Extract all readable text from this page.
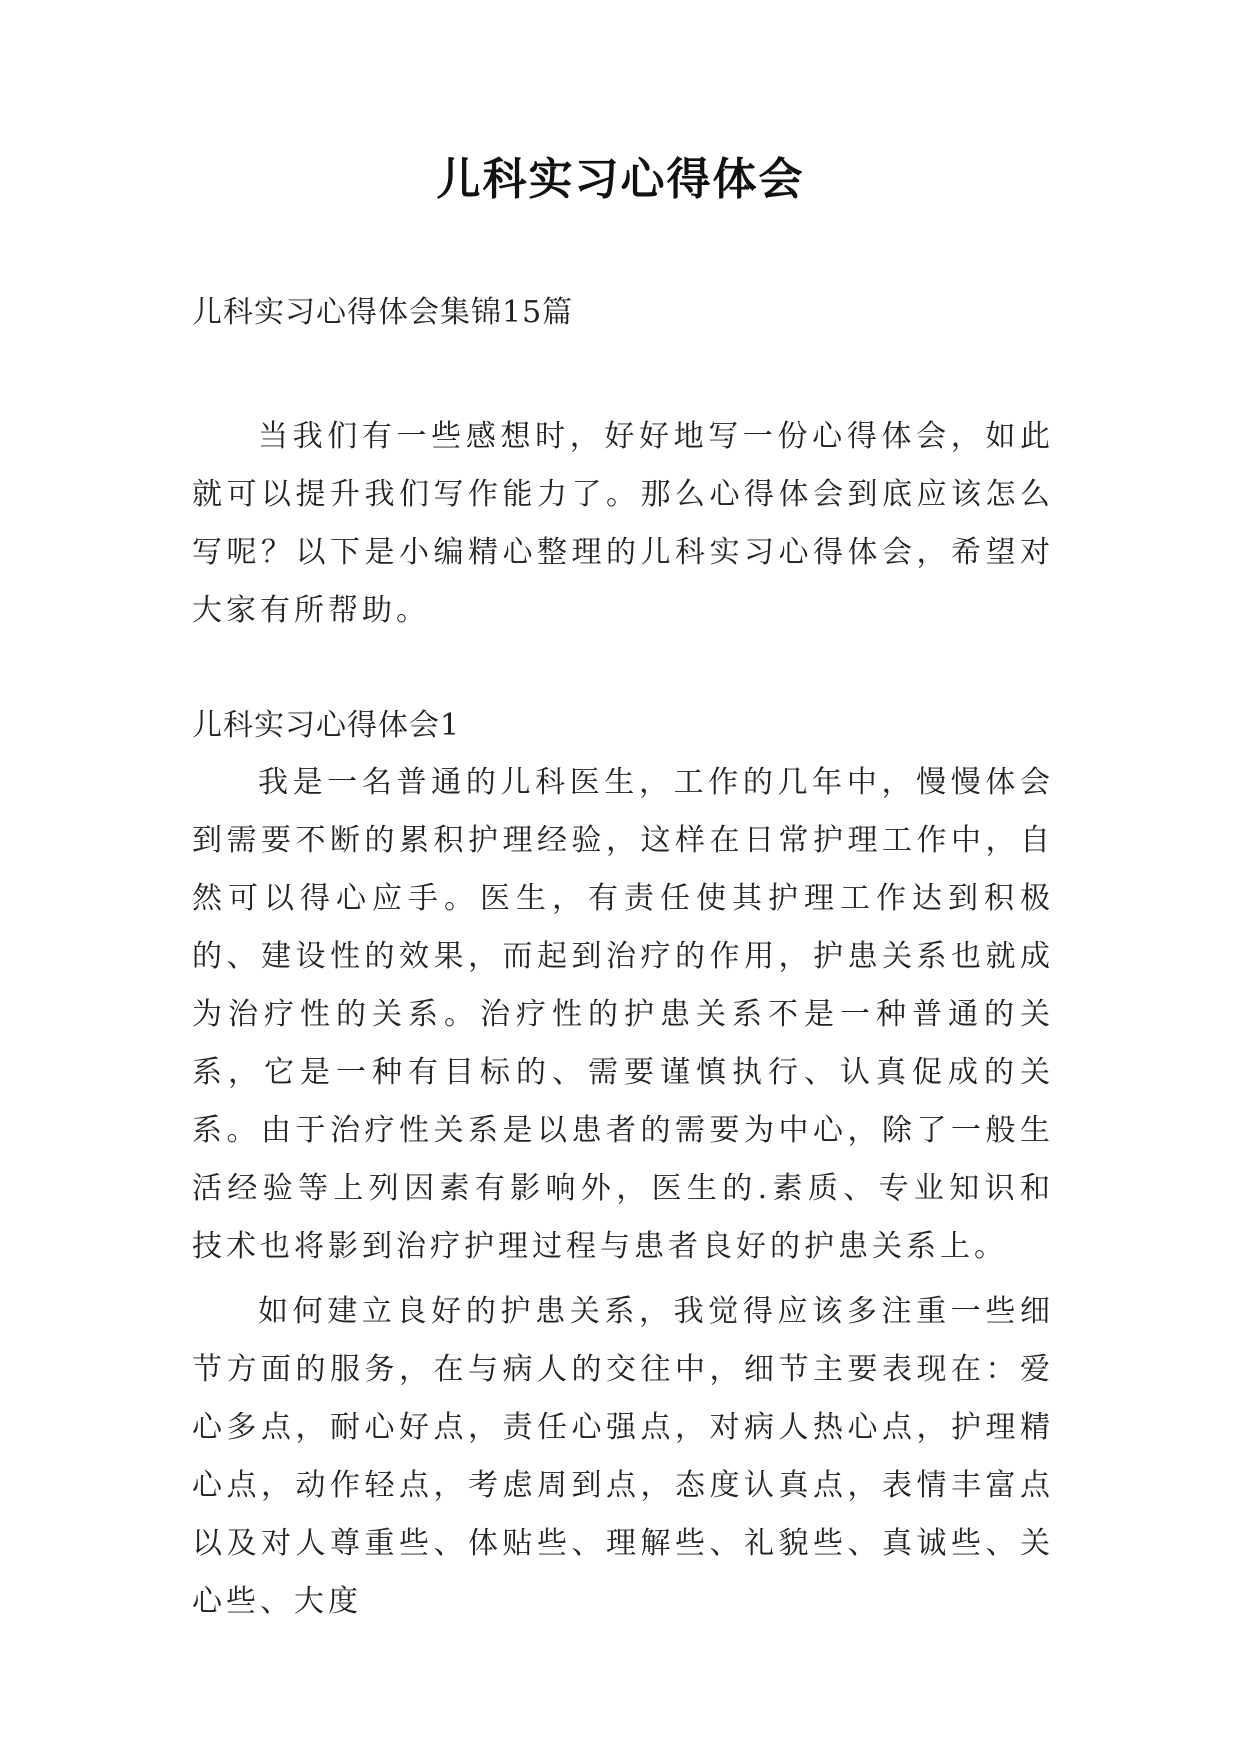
儿科实习心得体会
儿科实习心得体会集锦15篇
当我们有一些感想时，好好地写一份心得体会，如此就可以提升我们写作能力了。那么心得体会到底应该怎么写呢？以下是小编精心整理的儿科实习心得体会，希望对大家有所帮助。
儿科实习心得体会1
我是一名普通的儿科医生，工作的几年中，慢慢体会到需要不断的累积护理经验，这样在日常护理工作中，自然可以得心应手。医生，有责任使其护理工作达到积极的、建设性的效果，而起到治疗的作用，护患关系也就成为治疗性的关系。治疗性的护患关系不是一种普通的关系，它是一种有目标的、需要谨慎执行、认真促成的关系。由于治疗性关系是以患者的需要为中心，除了一般生活经验等上列因素有影响外，医生的.素质、专业知识和技术也将影到治疗护理过程与患者良好的护患关系上。
如何建立良好的护患关系，我觉得应该多注重一些细节方面的服务，在与病人的交往中，细节主要表现在：爱心多点，耐心好点，责任心强点，对病人热心点，护理精心点，动作轻点，考虑周到点，态度认真点，表情丰富点以及对人尊重些、体贴些、理解些、礼貌些、真诚些、关心些、大度
